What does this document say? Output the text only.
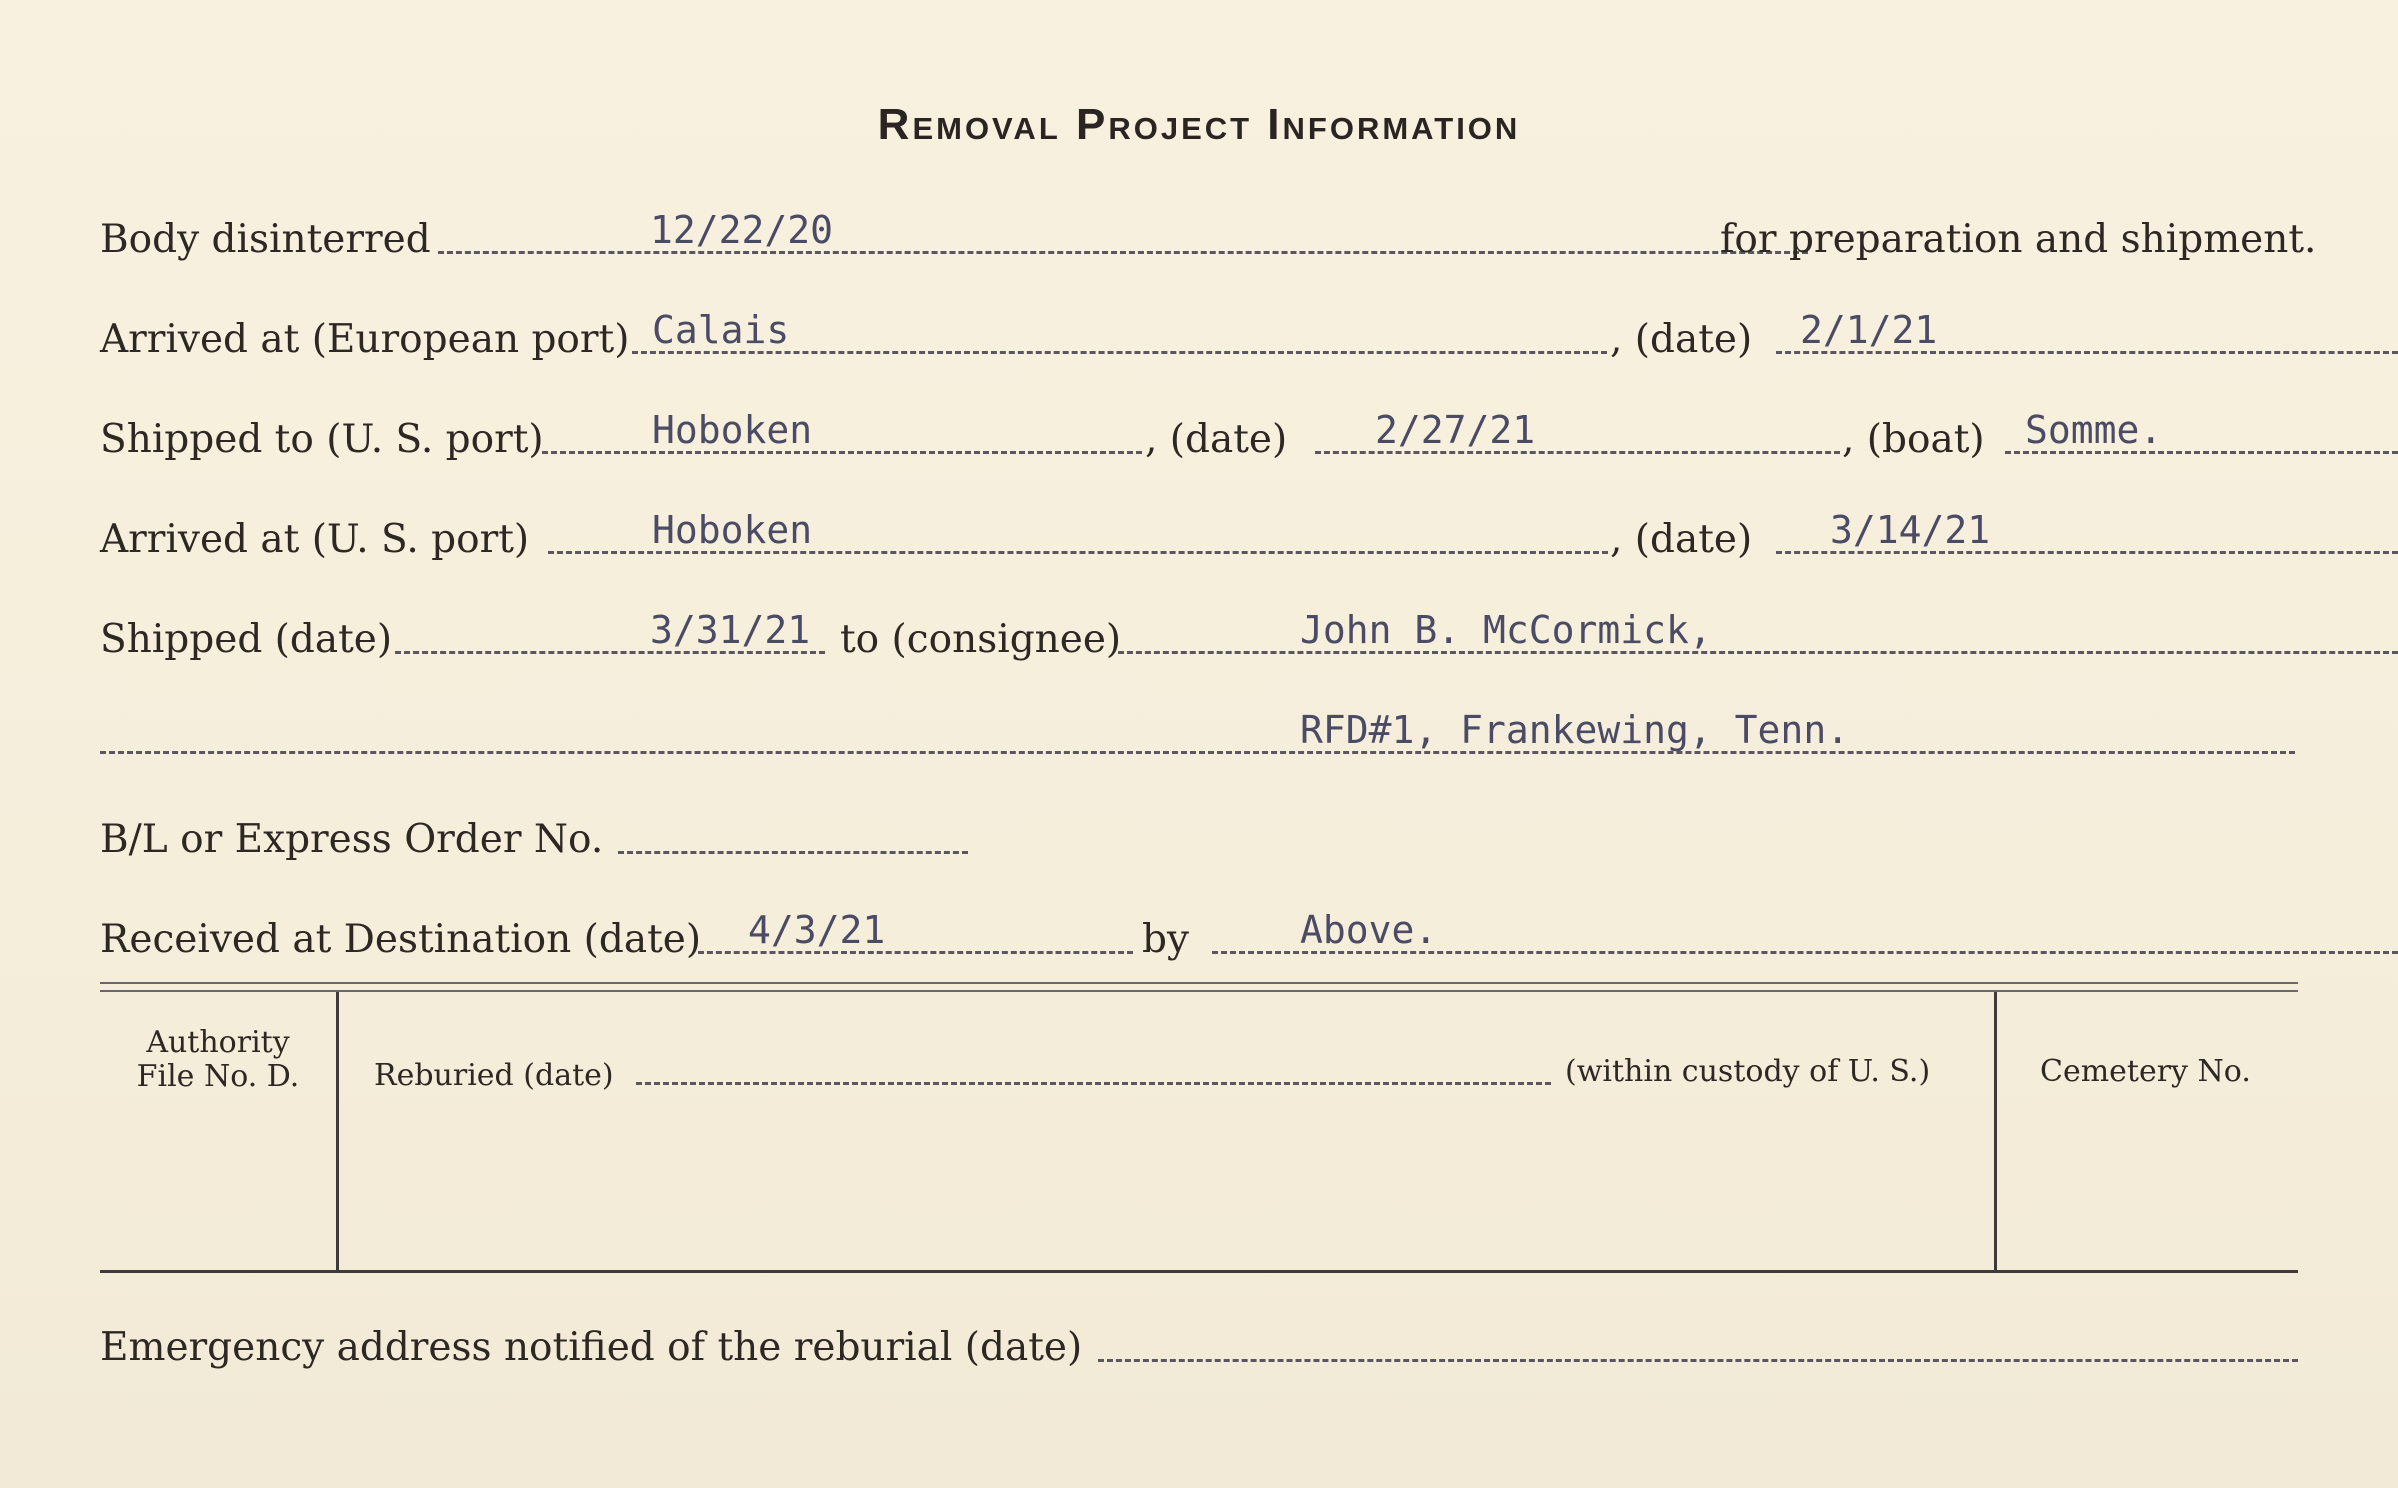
Removal Project Information
Body disinterred	12/22/20	for preparation and shipment.
Arrived at (European port) Calais	, (date) 2/1/21
Shipped to (U. S. port)	Hoboken	, (date) 2/27/21	, (boat) Somme.
Arrived at (U. S. port)	Hoboken	, (date) 3/14/21
Shipped (date)	3/31/21 to (consignee)	John B. McCormick,
RFD#1, Frankewing, Tenn.
B/L or Express Order No.
Received at Destination (date) 4/3/21	by	Above.
Authority
File No. D.	Reburied (date)	(within custody of U. S.)	Cemetery No.
Emergency address notified of the reburial (date)
